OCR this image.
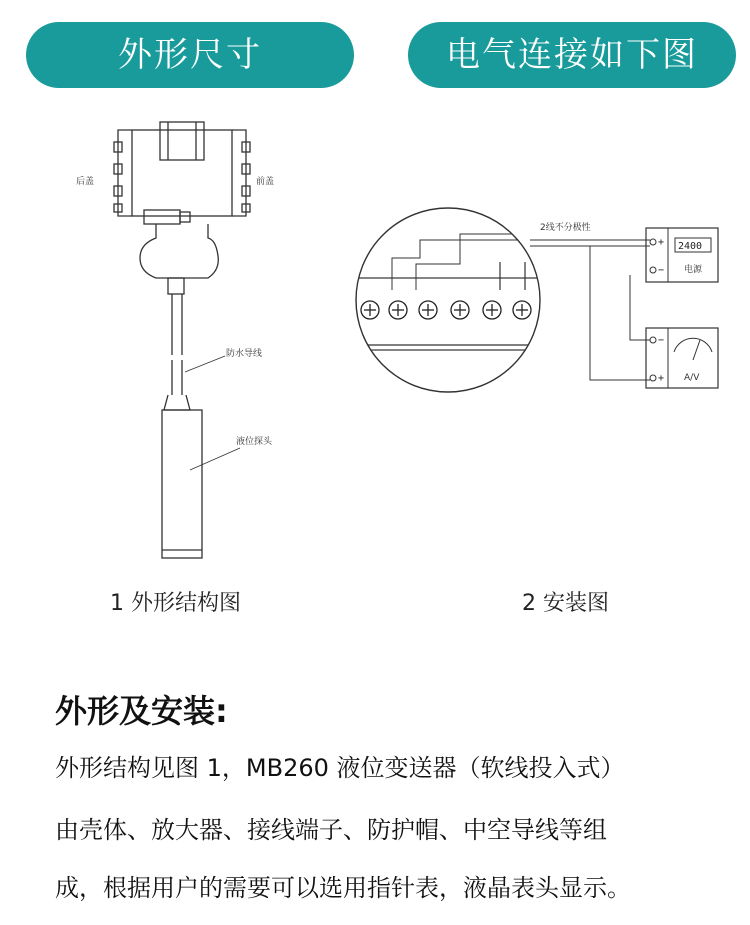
外形尺寸	电气连接如下图
后盖	前盖
防水导线
液位探头
2线不分极性
+
−
2400
电源
−
+ A/V
1 外形结构图	2 安装图
外形及安装:
外形结构见图 1，MB260 液位变送器（软线投入式）
由壳体、放大器、接线端子、防护帽、中空导线等组
成，根据用户的需要可以选用指针表，液晶表头显示。
